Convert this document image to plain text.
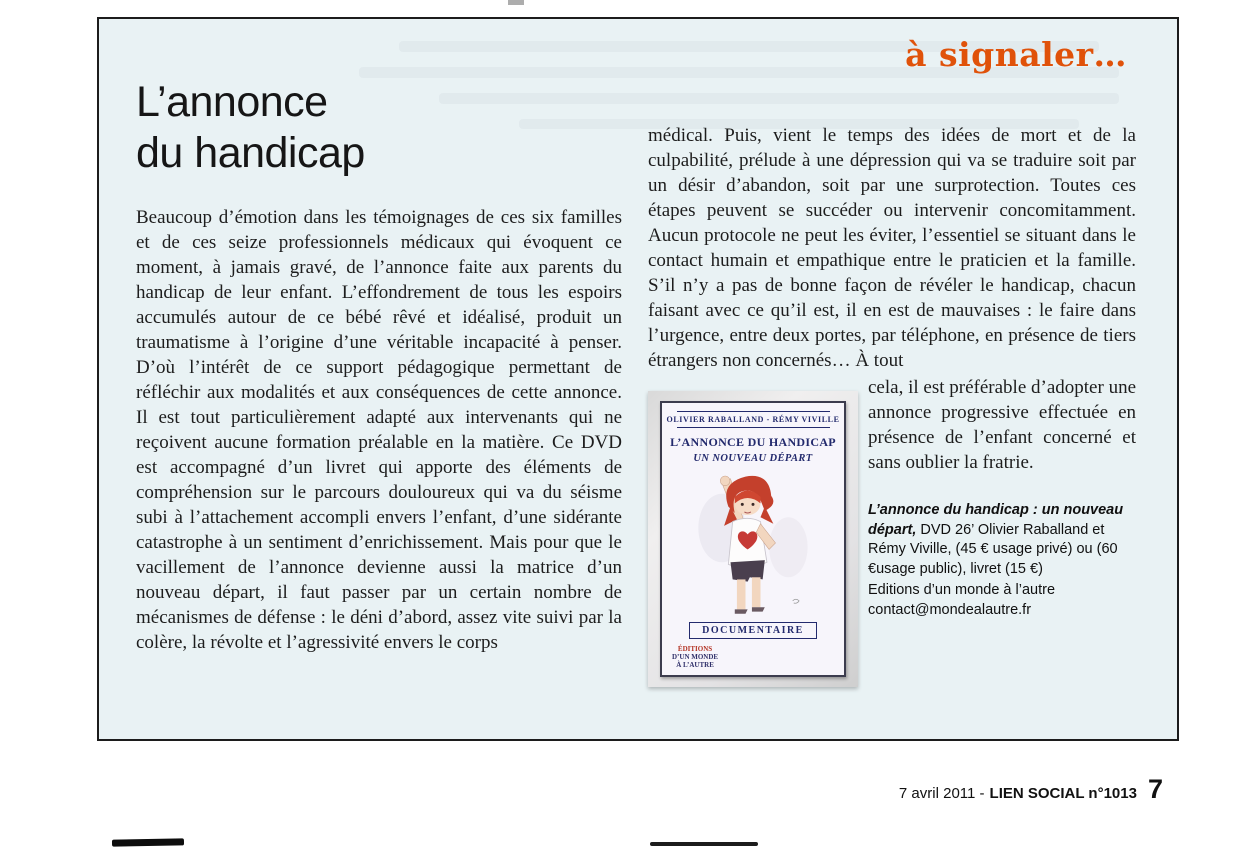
à signaler…
L’annonce
du handicap
Beaucoup d’émotion dans les témoignages de ces six familles et de ces seize professionnels médicaux qui évoquent ce moment, à jamais gravé, de l’annonce faite aux parents du handicap de leur enfant. L’effondrement de tous les espoirs accumulés autour de ce bébé rêvé et idéalisé, produit un traumatisme à l’origine d’une véritable incapacité à penser. D’où l’intérêt de ce support pédagogique permettant de réfléchir aux modalités et aux conséquences de cette annonce. Il est tout particulièrement adapté aux intervenants qui ne reçoivent aucune formation préalable en la matière. Ce DVD est accompagné d’un livret qui apporte des éléments de compréhension sur le parcours douloureux qui va du séisme subi à l’attachement accompli envers l’enfant, d’une sidérante catastrophe à un sentiment d’enrichissement. Mais pour que le vacillement de l’annonce devienne aussi la matrice d’un nouveau départ, il faut passer par un certain nombre de mécanismes de défense : le déni d’abord, assez vite suivi par la colère, la révolte et l’agressivité envers le corps

médical. Puis, vient le temps des idées de mort et de la culpabilité, prélude à une dépression qui va se traduire soit par un désir d’abandon, soit par une surprotection. Toutes ces étapes peuvent se succéder ou intervenir concomitamment. Aucun protocole ne peut les éviter, l’essentiel se situant dans le contact humain et empathique entre le praticien et la famille. S’il n’y a pas de bonne façon de révéler le handicap, chacun faisant avec ce qu’il est, il en est de mauvaises : le faire dans l’urgence, entre deux portes, par téléphone, en présence de tiers étrangers non concernés… À tout

OLIVIER RABALLAND - RÉMY VIVILLE
L’ANNONCE DU HANDICAP
UN NOUVEAU DÉPART
DOCUMENTAIRE
ÉDITIONS
D’UN MONDE
À L’AUTRE

cela, il est préférable d’adopter une annonce progressive effectuée en présence de l’enfant concerné et sans oublier la fratrie.

L’annonce du handicap : un nouveau départ, DVD 26’ Olivier Raballand et Rémy Viville, (45 € usage privé) ou (60 €usage public), livret (15 €)
Editions d’un monde à l’autre
contact@mondealautre.fr
7 avril 2011 - LIEN SOCIAL n°1013 7
